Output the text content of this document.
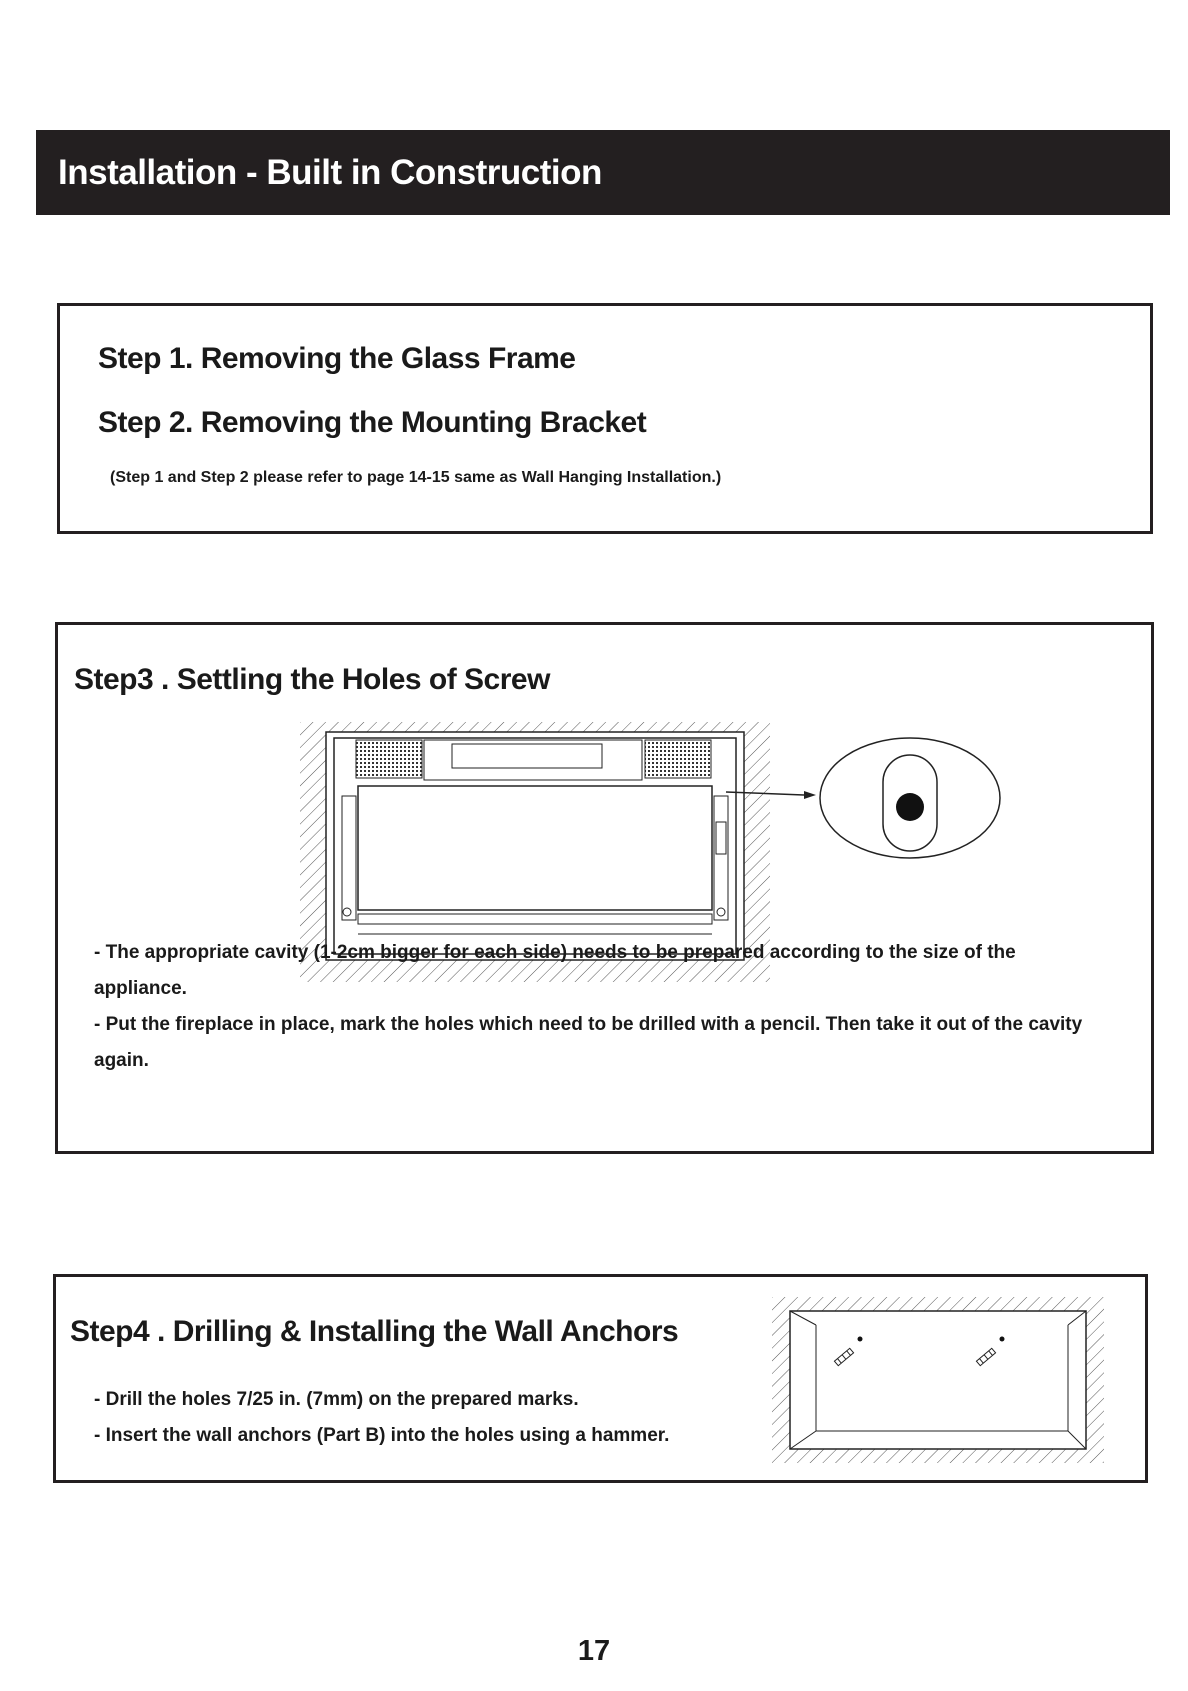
Installation - Built in Construction
Step 1. Removing the Glass Frame
Step 2. Removing the Mounting Bracket
(Step 1 and Step 2 please refer to page 14-15 same as Wall Hanging Installation.)
Step3 . Settling the Holes of Screw

- The appropriate cavity (1-2cm bigger for each side) needs to be prepared according to the size of the appliance.

- Put the fireplace in place, mark the holes which need to be drilled with a pencil. Then take it out of the cavity again.

Step4 . Drilling & Installing the Wall Anchors
- Drill the holes 7/25 in. (7mm) on the prepared marks.
- Insert the wall anchors (Part B) into the holes using a hammer.
17
